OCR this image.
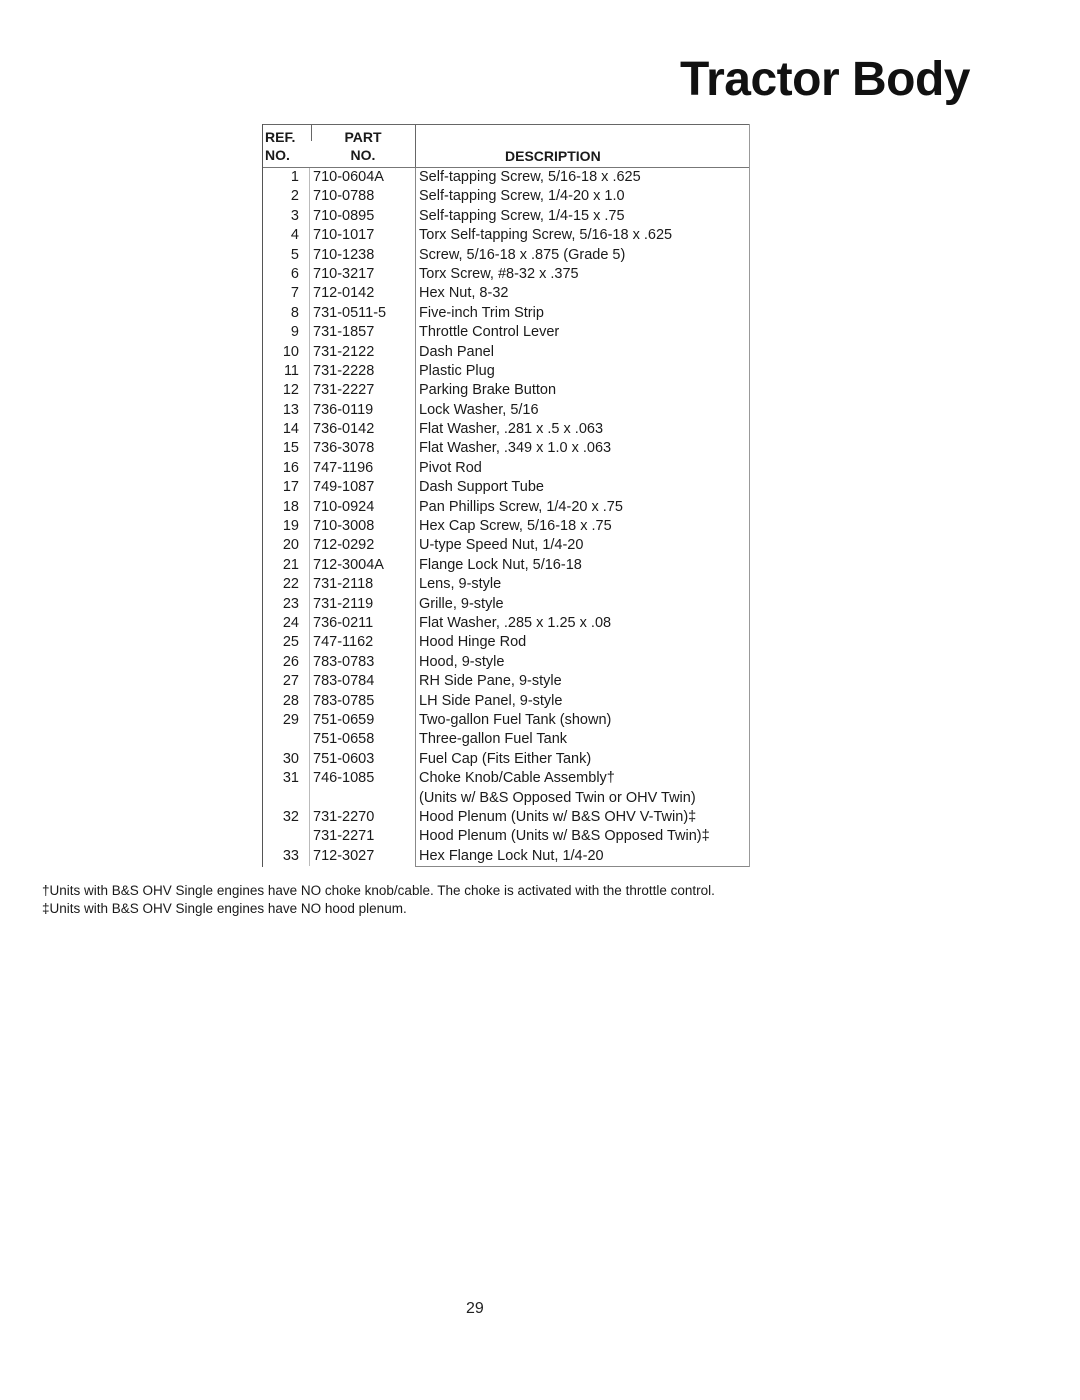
Tractor Body
REF.
NO.
PART
NO.	DESCRIPTION
1 710-0604A	Self-tapping Screw, 5/16-18 x .625
2 710-0788	Self-tapping Screw, 1/4-20 x 1.0
3 710-0895	Self-tapping Screw, 1/4-15 x .75
4 710-1017	Torx Self-tapping Screw, 5/16-18 x .625
5 710-1238	Screw, 5/16-18 x .875 (Grade 5)
6 710-3217	Torx Screw, #8-32 x .375
7 712-0142	Hex Nut, 8-32
8 731-0511-5	Five-inch Trim Strip
9 731-1857	Throttle Control Lever
10 731-2122	Dash Panel
11 731-2228	Plastic Plug
12 731-2227	Parking Brake Button
13 736-0119	Lock Washer, 5/16
14 736-0142	Flat Washer, .281 x .5 x .063
15 736-3078	Flat Washer, .349 x 1.0 x .063
16 747-1196	Pivot Rod
17 749-1087	Dash Support Tube
18 710-0924	Pan Phillips Screw, 1/4-20 x .75
19 710-3008	Hex Cap Screw, 5/16-18 x .75
20 712-0292	U-type Speed Nut, 1/4-20
21 712-3004A	Flange Lock Nut, 5/16-18
22 731-2118	Lens, 9-style
23 731-2119	Grille, 9-style
24 736-0211	Flat Washer, .285 x 1.25 x .08
25 747-1162	Hood Hinge Rod
26 783-0783	Hood, 9-style
27 783-0784	RH Side Pane, 9-style
28 783-0785	LH Side Panel, 9-style
29 751-0659	Two-gallon Fuel Tank (shown)
751-0658	Three-gallon Fuel Tank
30 751-0603	Fuel Cap (Fits Either Tank)
31 746-1085	Choke Knob/Cable Assembly†
(Units w/ B&S Opposed Twin or OHV Twin)
32 731-2270	Hood Plenum (Units w/ B&S OHV V-Twin)‡
731-2271	Hood Plenum (Units w/ B&S Opposed Twin)‡
33 712-3027	Hex Flange Lock Nut, 1/4-20
†Units with B&S OHV Single engines have NO choke knob/cable. The choke is activated with the throttle control.
‡Units with B&S OHV Single engines have NO hood plenum.
29
